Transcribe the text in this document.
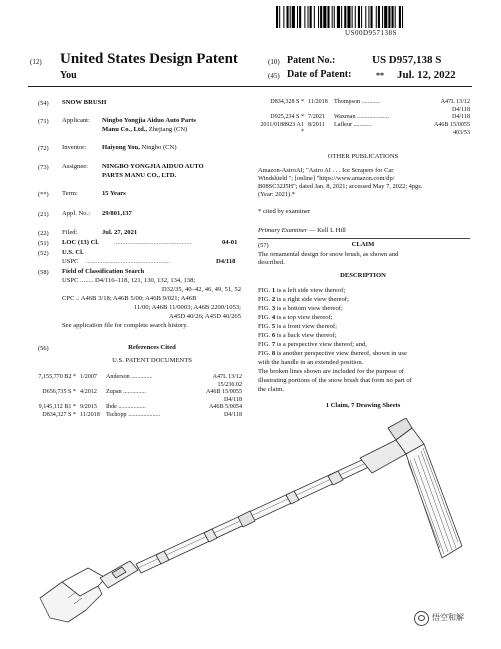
US00D957138S
(12) United States Design Patent
You
(10) Patent No.:	US D957,138 S
(45) Date of Patent:	** Jul. 12, 2022
(54) SNOW BRUSH
(71) Applicant: Ningbo Yongjia Aiduo Auto Parts
Manu Co., Ltd., Zhejiang (CN)
(72) Inventor: Haiyong You, Ningbo (CN)
(73) Assignee: NINGBO YONGJIA AIDUO AUTO
PARTS MANU CO., LTD.
(**) Term:	15 Years
(21) Appl. No.: 29/801,137
(22) Filed:	Jul. 27, 2021
(51) LOC (13) Cl. ...............................................	04-01
(52) U.S. Cl.
USPC ...................................................	D4/118
(58) Field of Classification Search
USPC ........ D4/116–118, 121, 130, 132, 134, 138;
D32/35, 40–42, 46, 49, 51, 52
CPC .. A46B 3/18; A46B 5/00; A46B 9/021; A46B
11/00; A46B 11/0003; A46B 2200/1053;
A45D 40/26; A45D 40/265
See application file for complete search history.
(56)	References Cited
U.S. PATENT DOCUMENTS
7,155,770 B2 * 1/2007 Anderson ..............	A47L 13/12
15/236.02
D656,735 S * 4/2012 Zupan ...............	A46B 15/0055
D4/118
9,145,112 B1 * 9/2015 Ihde ..................	A46B 5/0054
D834,327 S * 11/2018 Tschopp .....................	D4/118
D834,328 S * 11/2018 Thompson ............	A47L 13/12
D4/118
D925,234 S * 7/2021 Waxman .....................	D4/118
2011/0188923 A1 *
8/2011 Lafleur ............	A46B 15/0055
403/53
OTHER PUBLICATIONS
Amazon-AstroAI; "Astro AI . . . Ice Scrapers for Car
Windshield "; [online] "https://www.amazon.com/dp/
B08SC32J5H"; dated Jan. 8, 2021; accessed May 7, 2022; 4pgs.
(Year: 2021).*
* cited by examiner
Primary Examiner — Kell L Hill
(57)	CLAIM
The ornamental design for snow brush, as shown and
described.
DESCRIPTION
FIG. 1 is a left side view thereof;
FIG. 2 is a right side view thereof;
FIG. 3 is a bottom view thereof;
FIG. 4 is a top view thereof;
FIG. 5 is a front view thereof;
FIG. 6 is a back view thereof;
FIG. 7 is a perspective view thereof; and,
FIG. 8 is another perspective view thereof, shown in use
with the handle in an extended position.
The broken lines shown are included for the purpose of
illustrating portions of the snow brush that form no part of
the claim.
1 Claim, 7 Drawing Sheets
悟空和解
